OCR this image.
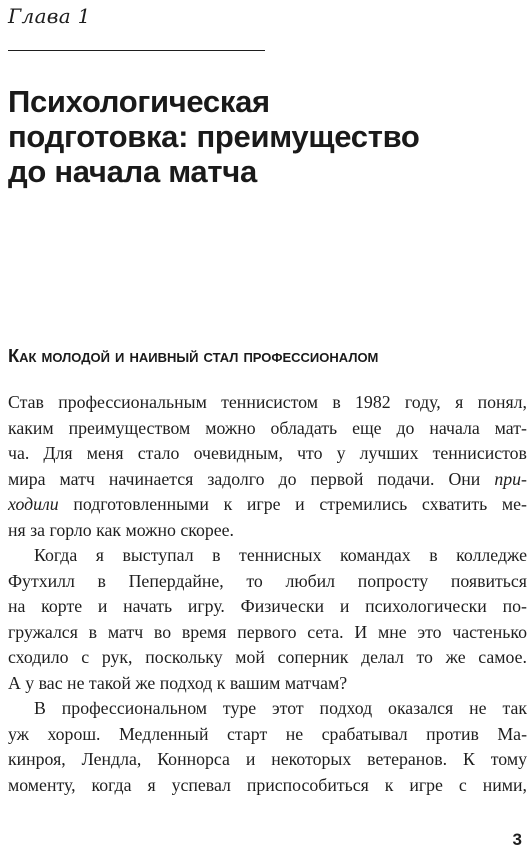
Глава 1
Психологическая
подготовка: преимущество
до начала матча
Как молодой и наивный стал профессионалом
Став профессиональным теннисистом в 1982 году, я понял,
каким преимуществом можно обладать еще до начала мат-
ча. Для меня стало очевидным, что у лучших теннисистов
мира матч начинается задолго до первой подачи. Они при-
ходили подготовленными к игре и стремились схватить ме-
ня за горло как можно скорее.
Когда я выступал в теннисных командах в колледже
Футхилл в Пепердайне, то любил попросту появиться
на корте и начать игру. Физически и психологически по-
гружался в матч во время первого сета. И мне это частенько
сходило с рук, поскольку мой соперник делал то же самое.
А у вас не такой же подход к вашим матчам?
В профессиональном туре этот подход оказался не так
уж хорош. Медленный старт не срабатывал против Ма-
кинроя, Лендла, Коннорса и некоторых ветеранов. К тому
моменту, когда я успевал приспособиться к игре с ними,
3
